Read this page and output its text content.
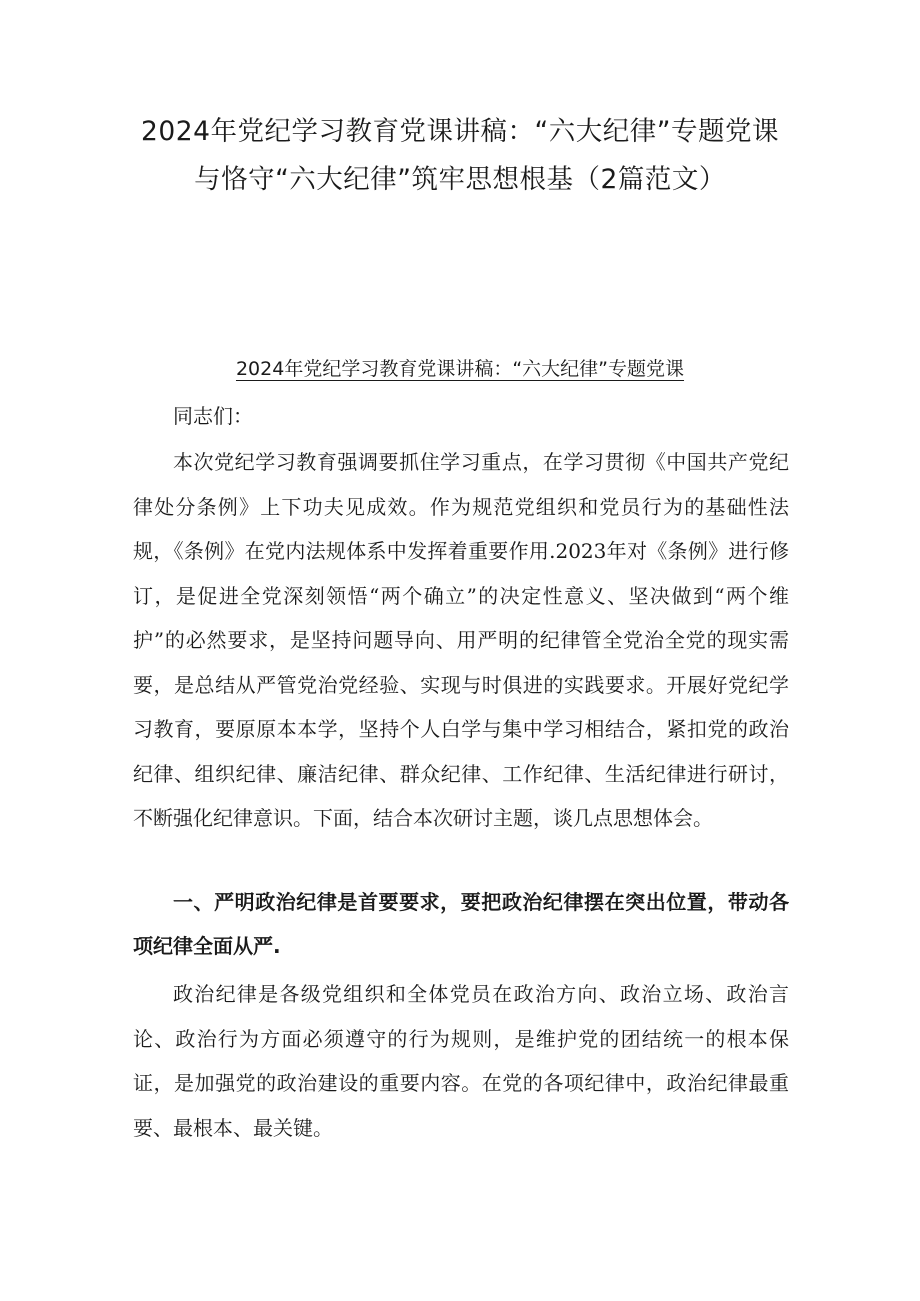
2024年党纪学习教育党课讲稿：“六大纪律”专题党课
与恪守“六大纪律”筑牢思想根基（2篇范文）
2024年党纪学习教育党课讲稿：“六大纪律”专题党课

同志们：

本次党纪学习教育强调要抓住学习重点，在学习贯彻《中国共产党纪律处分条例》上下功夫见成效。作为规范党组织和党员行为的基础性法规，《条例》在党内法规体系中发挥着重要作用.2023年对《条例》进行修订，是促进全党深刻领悟“两个确立”的决定性意义、坚决做到“两个维护”的必然要求，是坚持问题导向、用严明的纪律管全党治全党的现实需要，是总结从严管党治党经验、实现与时俱进的实践要求。开展好党纪学习教育，要原原本本学，坚持个人白学与集中学习相结合，紧扣党的政治纪律、组织纪律、廉洁纪律、群众纪律、工作纪律、生活纪律进行研讨，不断强化纪律意识。下面，结合本次研讨主题，谈几点思想体会。

一、严明政治纪律是首要要求，要把政治纪律摆在突出位置，带动各项纪律全面从严.

政治纪律是各级党组织和全体党员在政治方向、政治立场、政治言论、政治行为方面必须遵守的行为规则，是维护党的团结统一的根本保证，是加强党的政治建设的重要内容。在党的各项纪律中，政治纪律最重要、最根本、最关键。
